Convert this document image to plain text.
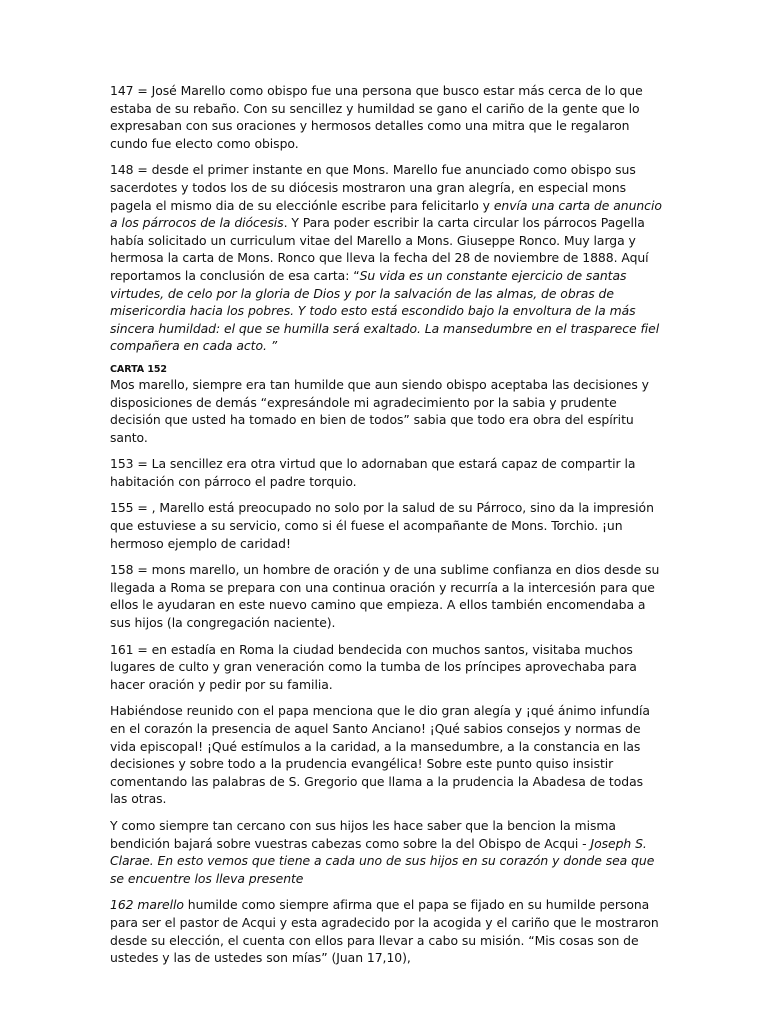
147 = José Marello como obispo fue una persona que busco estar más cerca de lo que estaba de su rebaño. Con su sencillez y humildad se gano el cariño de la gente que lo expresaban con sus oraciones y hermosos detalles como una mitra que le regalaron cundo fue electo como obispo.

148 = desde el primer instante en que Mons. Marello fue anunciado como obispo sus sacerdotes y todos los de su diócesis mostraron una gran alegría, en especial mons pagela el mismo dia de su elecciónle escribe para felicitarlo y envía una carta de anuncio a los párrocos de la diócesis. Y Para poder escribir la carta circular los párrocos Pagella había solicitado un curriculum vitae del Marello a Mons. Giuseppe Ronco. Muy larga y hermosa la carta de Mons. Ronco que lleva la fecha del 28 de noviembre de 1888. Aquí reportamos la conclusión de esa carta: “Su vida es un constante ejercicio de santas virtudes, de celo por la gloria de Dios y por la salvación de las almas, de obras de misericordia hacia los pobres. Y todo esto está escondido bajo la envoltura de la más sincera humildad: el que se humilla será exaltado. La mansedumbre en el trasparece fiel compañera en cada acto. ”

CARTA 152

Mos marello, siempre era tan humilde que aun siendo obispo aceptaba las decisiones y disposiciones de demás “expresándole mi agradecimiento por la sabia y prudente decisión que usted ha tomado en bien de todos” sabia que todo era obra del espíritu santo.

153 = La sencillez era otra virtud que lo adornaban que estará capaz de compartir la habitación con párroco el padre torquio.

155 = , Marello está preocupado no solo por la salud de su Párroco, sino da la impresión que estuviese a su servicio, como si él fuese el acompañante de Mons. Torchio. ¡un hermoso ejemplo de caridad!

158 = mons marello, un hombre de oración y de una sublime confianza en dios desde su llegada a Roma se prepara con una continua oración y recurría a la intercesión para que ellos le ayudaran en este nuevo camino que empieza. A ellos también encomendaba a sus hijos (la congregación naciente).

161 = en estadía en Roma la ciudad bendecida con muchos santos, visitaba muchos lugares de culto y gran veneración como la tumba de los príncipes aprovechaba para hacer oración y pedir por su familia.

Habiéndose reunido con el papa menciona que le dio gran alegía y ¡qué ánimo infundía en el corazón la presencia de aquel Santo Anciano! ¡Qué sabios consejos y normas de vida episcopal! ¡Qué estímulos a la caridad, a la mansedumbre, a la constancia en las decisiones y sobre todo a la prudencia evangélica! Sobre este punto quiso insistir comentando las palabras de S. Gregorio que llama a la prudencia la Abadesa de todas las otras.

Y como siempre tan cercano con sus hijos les hace saber que la bencion la misma bendición bajará sobre vuestras cabezas como sobre la del Obispo de Acqui - Joseph S. Clarae. En esto vemos que tiene a cada uno de sus hijos en su corazón y donde sea que se encuentre los lleva presente

162 marello humilde como siempre afirma que el papa se fijado en su humilde persona para ser el pastor de Acqui y esta agradecido por la acogida y el cariño que le mostraron desde su elección, el cuenta con ellos para llevar a cabo su misión. “Mis cosas son de ustedes y las de ustedes son mías” (Juan 17,10),
